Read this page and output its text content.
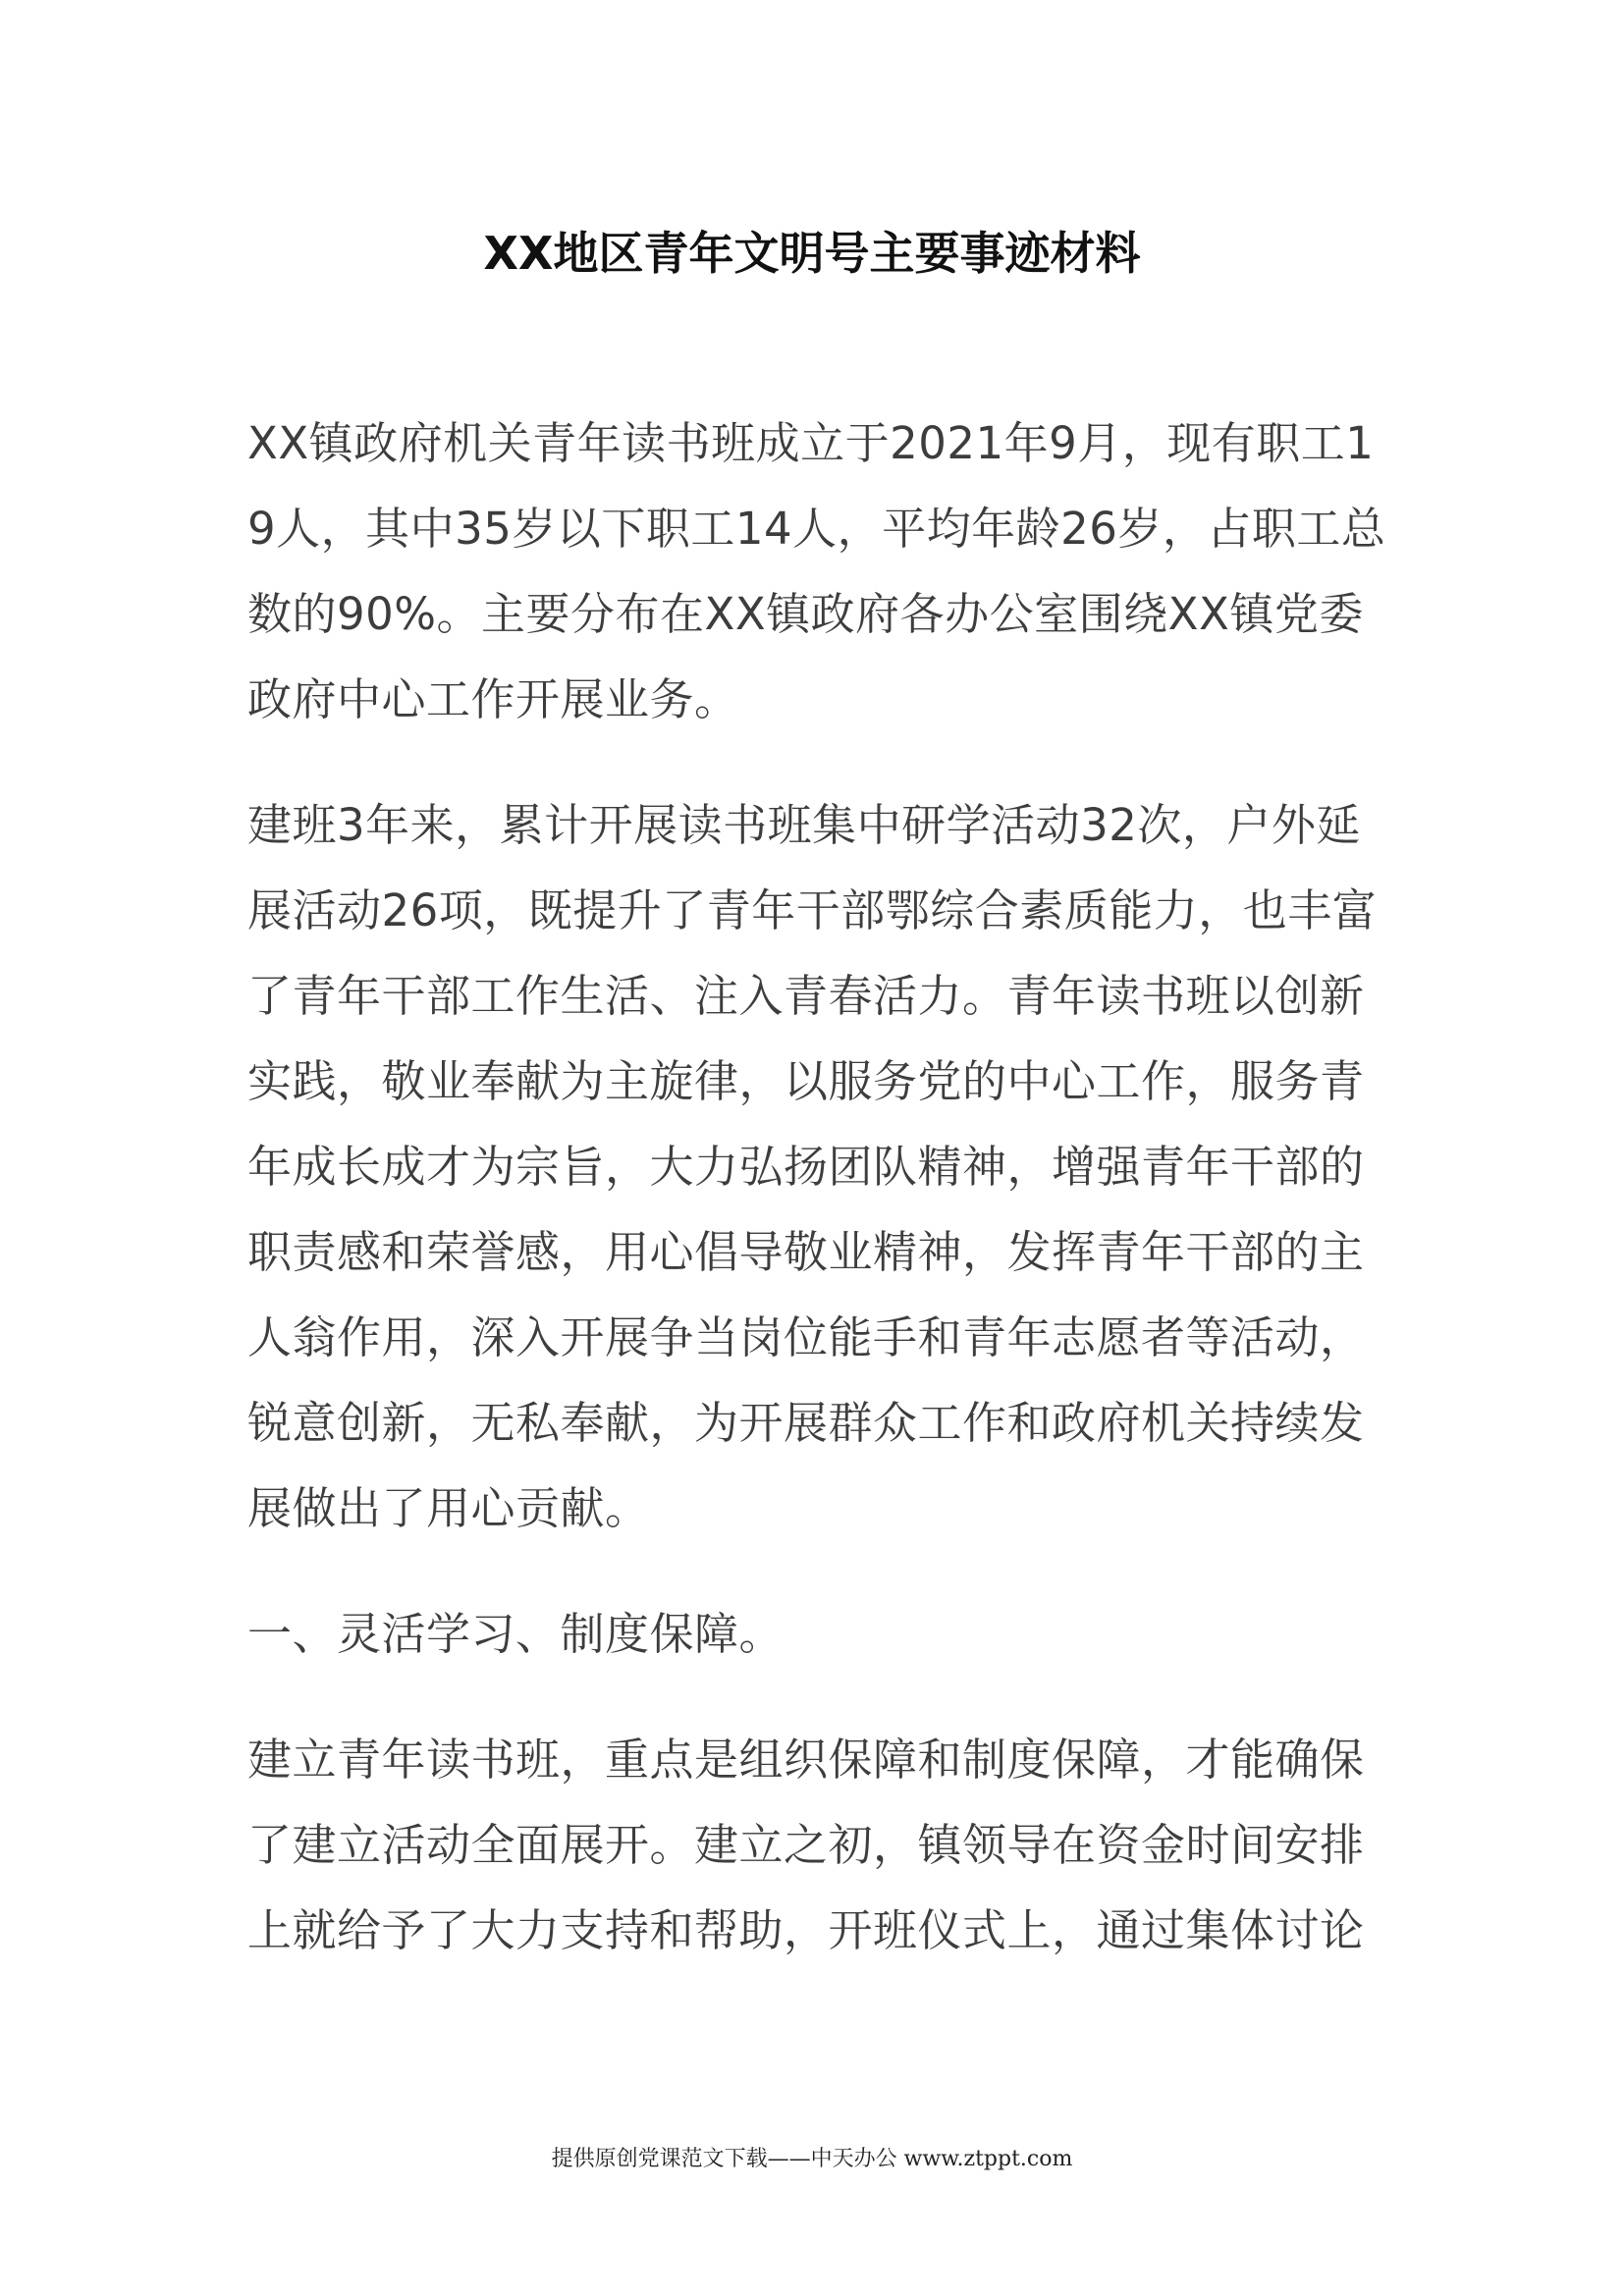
XX地区青年文明号主要事迹材料

XX镇政府机关青年读书班成立于2021年9月，现有职工19人，其中35岁以下职工14人，平均年龄26岁，占职工总数的90%。主要分布在XX镇政府各办公室围绕XX镇党委政府中心工作开展业务。

建班3年来，累计开展读书班集中研学活动32次，户外延展活动26项，既提升了青年干部鄂综合素质能力，也丰富了青年干部工作生活、注入青春活力。青年读书班以创新实践，敬业奉献为主旋律，以服务党的中心工作，服务青年成长成才为宗旨，大力弘扬团队精神，增强青年干部的职责感和荣誉感，用心倡导敬业精神，发挥青年干部的主人翁作用，深入开展争当岗位能手和青年志愿者等活动，锐意创新，无私奉献，为开展群众工作和政府机关持续发展做出了用心贡献。

一、灵活学习、制度保障。

建立青年读书班，重点是组织保障和制度保障，才能确保了建立活动全面展开。建立之初，镇领导在资金时间安排上就给予了大力支持和帮助，开班仪式上，通过集体讨论

提供原创党课范文下载——中天办公 www.ztppt.com
